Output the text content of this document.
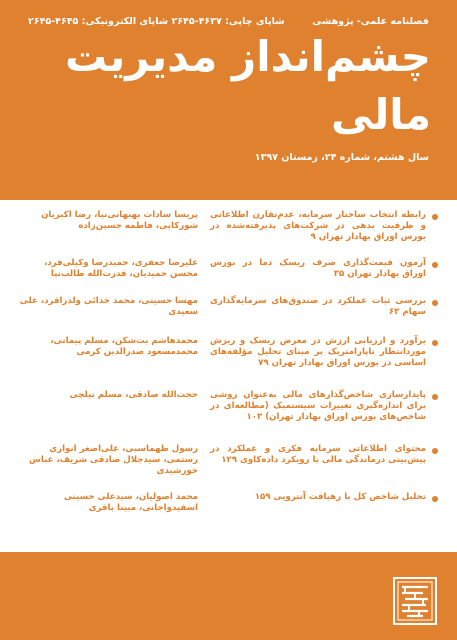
فصلنامه علمی- پژوهشی
شاپای چاپی: ۴۶۳۷-۲۶۴۵ شاپای الکترونیکی: ۴۶۴۵-۲۶۴۵
چشم‌انداز مدیریت
مالی
سال هشتم، شماره ۲۴، زمستان ۱۳۹۷
رابطه انتخاب ساختار سرمایه، عدم‌تقارن اطلاعاتی و ظرفیت بدهی در شرکت‌های پذیرفته‌شده در بورس اوراق بهادار تهران ۹
پریسا سادات بهبهانی‌نیا، رضا اکبریان شورکایی، فاطمه حسین‌زاده
آزمون قیمت‌گذاری صرف ریسک دما در بورس اوراق بهادار تهران ۳۵
علیرضا جعفری، حمیدرضا وکیلی‌فرد، محسن حمیدیان، قدرت‌الله طالب‌نیا
بررسی ثبات عملکرد در صندوق‌های سرمایه‌گذاری سهام ۶۳
مهسا حسینی، محمد خدائی ولدزاقرد، علی سعیدی
برآورد و ارزیابی ارزش در معرض ریسک و ریزش موردانتظار ناپارامتریک بر مبنای تحلیل مؤلفه‌های اساسی در بورس اوراق بهادار تهران ۷۹
محمدهاشم بت‌شکن، مسلم پیمانی، محمدمسعود صدرالدین کرمی
پایدارسازی شاخص‌گذارهای مالی به‌عنوان روشی برای اندازه‌گیری تغییرات سیستمیک (مطالعه‌ای در شاخص‌های بورس اوراق بهادار تهران) ۱۰۳
حجت‌الله صادقی، مسلم نیلچی
محتوای اطلاعاتی سرمایه فکری و عملکرد در پیش‌بینی درماندگی مالی با رویکرد داده‌کاوی ۱۲۹
رسول طهماسبی، علی‌اصغر انواری رستمی، سیدجلال صادقی شریف، عباس خورشیدی
تحلیل شاخص کل با رهیافت آنتروپی ۱۵۹
محمد اصولیان، سیدعلی حسینی اسفیدواجانی، مبینا باقری
